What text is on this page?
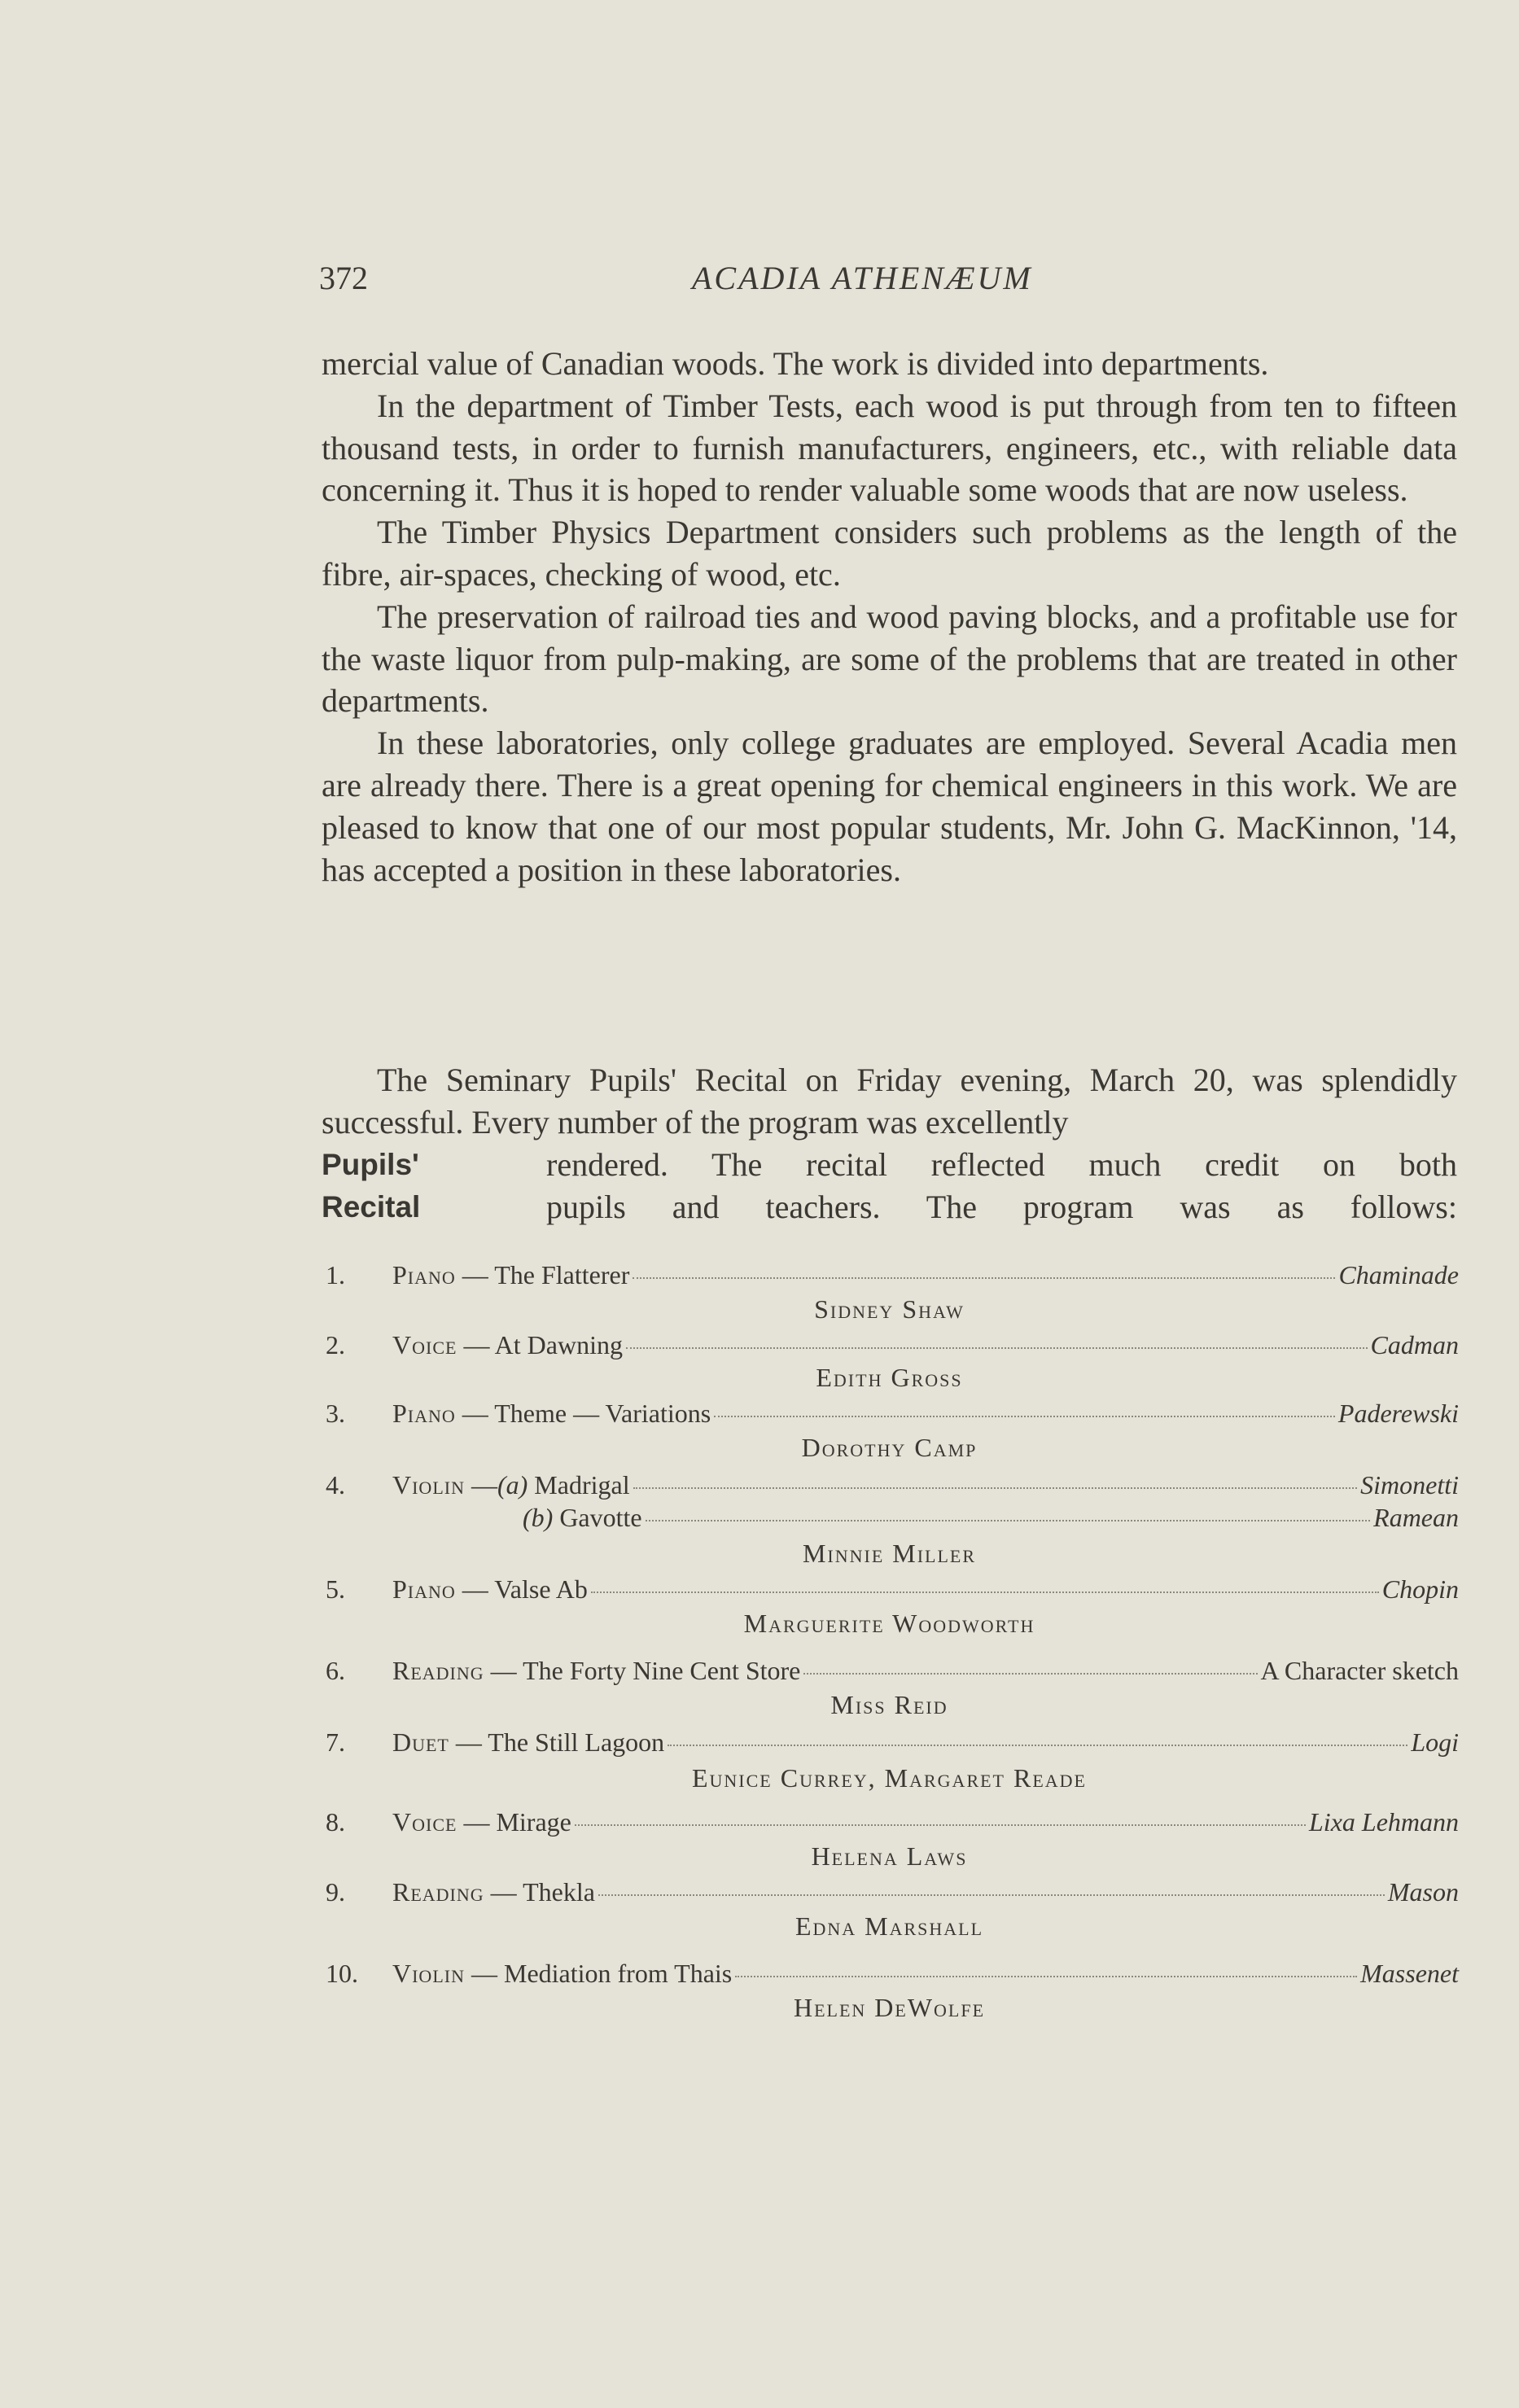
372	ACADIA ATHENÆUM

mercial value of Canadian woods. The work is divided into departments.

In the department of Timber Tests, each wood is put through from ten to fifteen thousand tests, in order to furnish manufacturers, engineers, etc., with reliable data concerning it. Thus it is hoped to render valuable some woods that are now useless.

The Timber Physics Department considers such problems as the length of the fibre, air-spaces, checking of wood, etc.

The preservation of railroad ties and wood paving blocks, and a profitable use for the waste liquor from pulp-making, are some of the problems that are treated in other departments.

In these laboratories, only college graduates are employed. Several Acadia men are already there. There is a great opening for chemical engineers in this work. We are pleased to know that one of our most popular students, Mr. John G. MacKinnon, '14, has accepted a position in these laboratories.

The Seminary Pupils' Recital on Friday evening, March 20, was splendidly successful. Every number of the program was excellently
Pupils'
Recital
rendered. The recital reflected much credit on both
pupils and teachers. The program was as follows:
1.	Piano — The Flatterer	Chaminade
Sidney Shaw
2.	Voice — At Dawning	Cadman
Edith Gross
3.	Piano — Theme — Variations	Paderewski
Dorothy Camp
4.	Violin —(a) Madrigal	Simonetti
(b) Gavotte	Ramean
Minnie Miller
5.	Piano — Valse Ab	Chopin
Marguerite Woodworth
6.	Reading — The Forty Nine Cent Store	A Character sketch
Miss Reid
7.	Duet — The Still Lagoon	Logi
Eunice Currey, Margaret Reade
8.	Voice — Mirage	Lixa Lehmann
Helena Laws
9.	Reading — Thekla	Mason
Edna Marshall
10.	Violin — Mediation from Thais	Massenet
Helen DeWolfe
